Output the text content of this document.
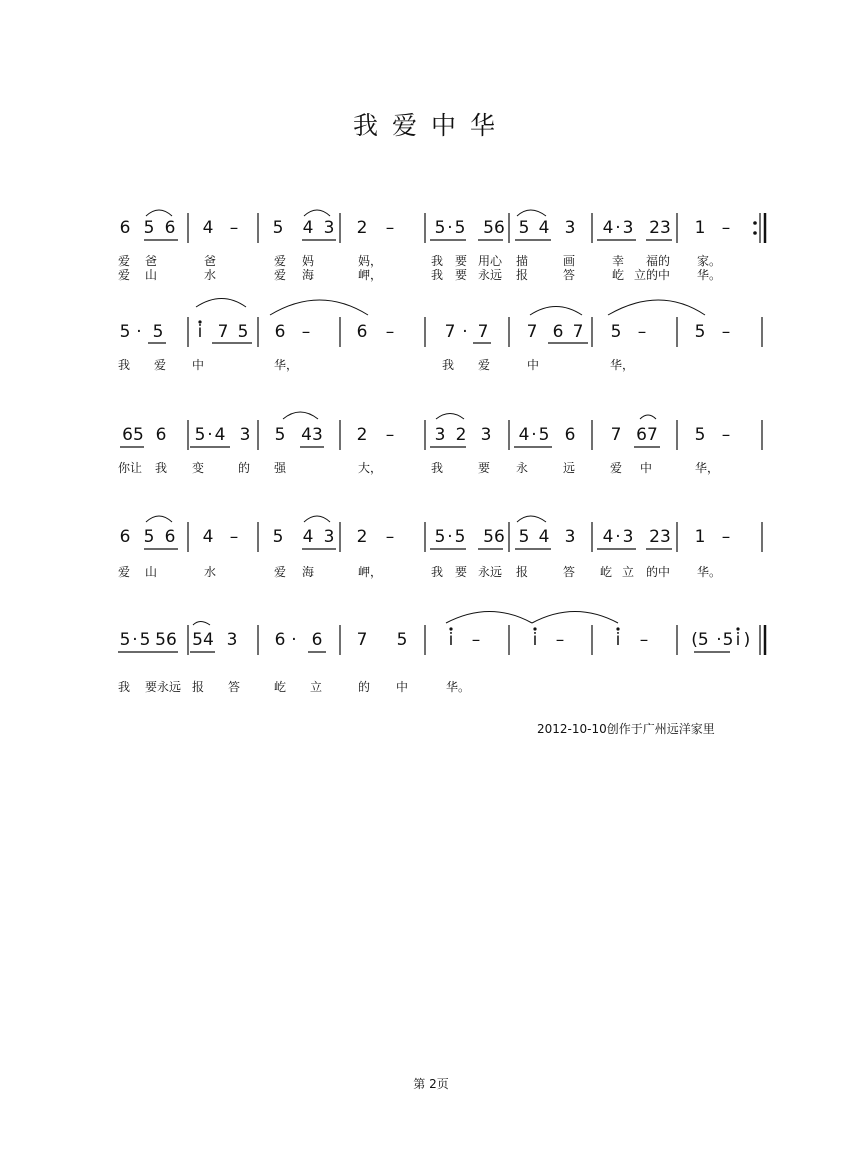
我爱中华
6 5 6 4 –	5 4 3 2	–	5 · 5 56 5 4 3 4 · 3 23 1 –
爱 爸	爸	爱 妈	妈，	我 要 用心 描	画	幸 福的 家。
爱 山	水	爱 海	岬，	我 要 永远 报	答	屹 立的中 华。
5 · 5	i 7 5 6 –	6	–	7 · 7 7 6 7 5 –	5 –
我 爱 中	华，	我 爱	中	华，
65 6 5 · 4 3 5 43 2	–	3 2 3 4 · 5 6 7 67 5 –
你让 我 变	的 强	大，	我	要 永	远	爱 中	华，
6 5 6 4 –	5 4 3 2	–	5 · 5 56 5 4 3 4 · 3 23 1 –
爱 山	水	爱 海	岬，	我 要 永远 报	答 屹 立 的中 华。
5 · 5 56 54 3 6 · 6 7 5	i	–	i	–	i	–	(5 · 5 i )
我 要永远 报 答	屹 立	的 中	华。
2012-10-10创作于广州远洋家里
第 2页
